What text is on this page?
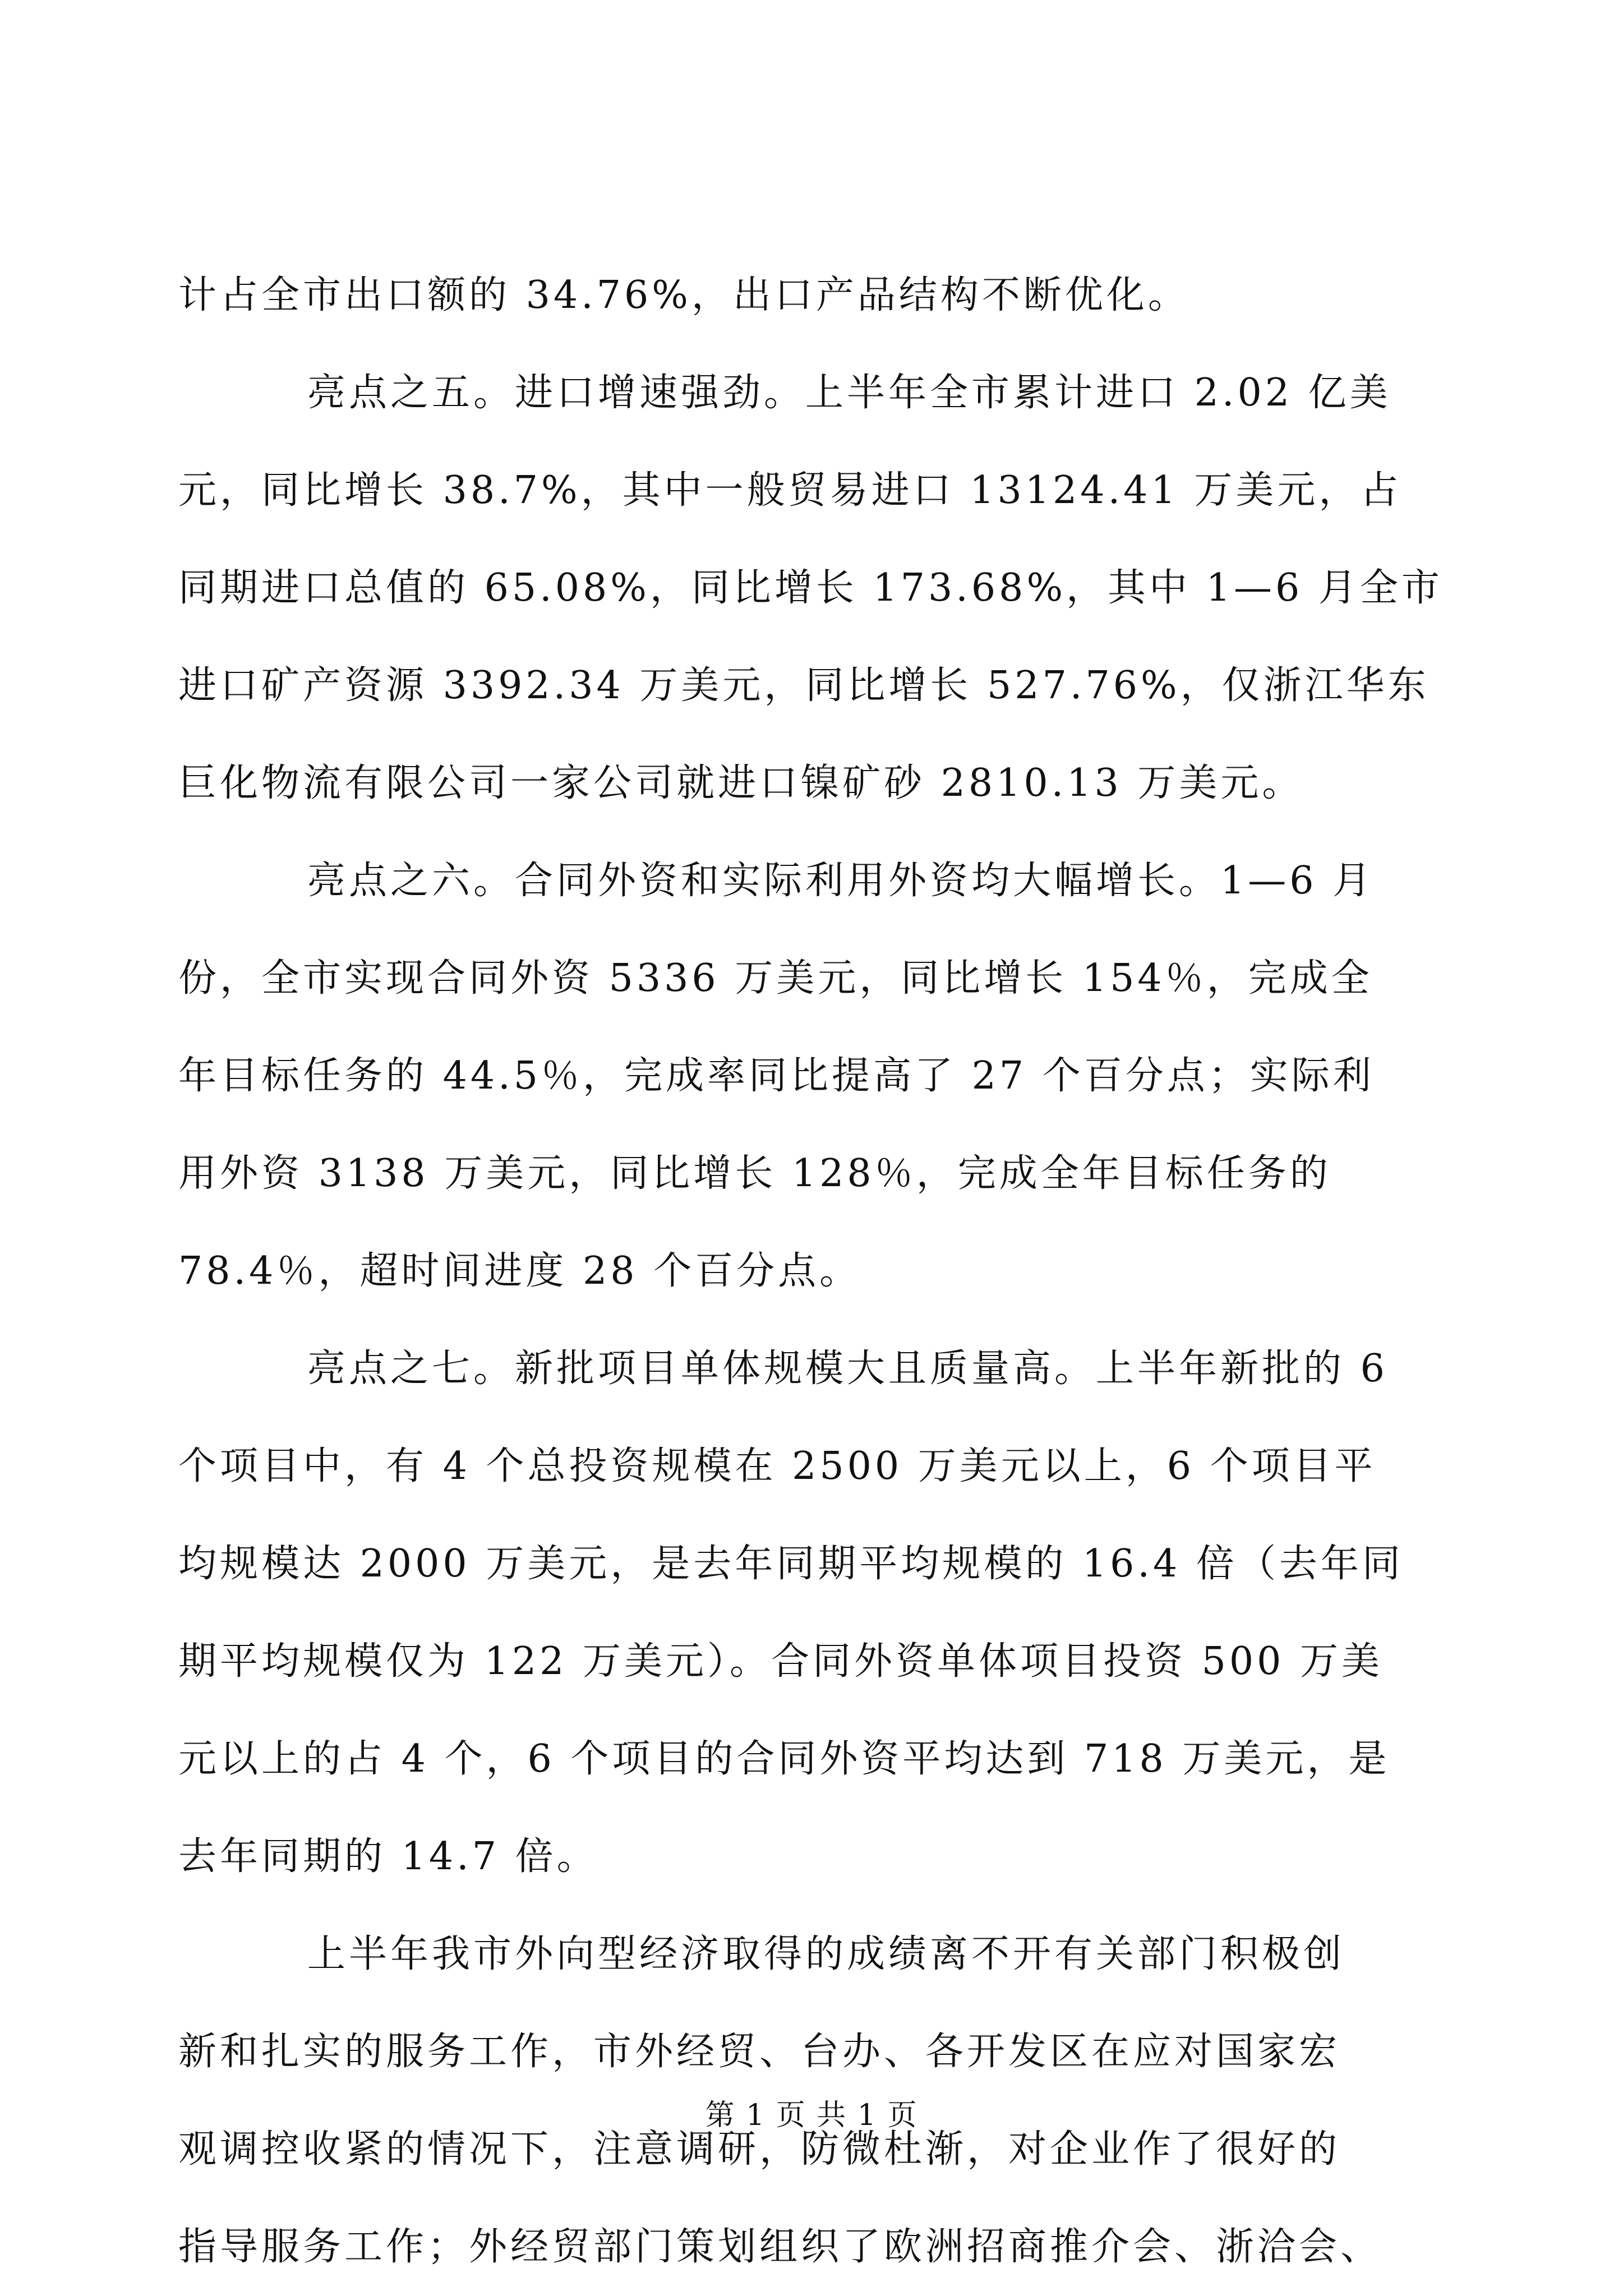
计占全市出口额的 34.76%，出口产品结构不断优化。
亮点之五。进口增速强劲。上半年全市累计进口 2.02 亿美
元，同比增长 38.7%，其中一般贸易进口 13124.41 万美元，占
同期进口总值的 65.08%，同比增长 173.68%，其中 1—6 月全市
进口矿产资源 3392.34 万美元，同比增长 527.76%，仅浙江华东
巨化物流有限公司一家公司就进口镍矿砂 2810.13 万美元。
亮点之六。合同外资和实际利用外资均大幅增长。1—6 月
份，全市实现合同外资 5336 万美元，同比增长 154％，完成全
年目标任务的 44.5％，完成率同比提高了 27 个百分点；实际利
用外资 3138 万美元，同比增长 128％，完成全年目标任务的
78.4％，超时间进度 28 个百分点。
亮点之七。新批项目单体规模大且质量高。上半年新批的 6
个项目中，有 4 个总投资规模在 2500 万美元以上，6 个项目平
均规模达 2000 万美元，是去年同期平均规模的 16.4 倍（去年同
期平均规模仅为 122 万美元）。合同外资单体项目投资 500 万美
元以上的占 4 个，6 个项目的合同外资平均达到 718 万美元，是
去年同期的 14.7 倍。
上半年我市外向型经济取得的成绩离不开有关部门积极创
新和扎实的服务工作，市外经贸、台办、各开发区在应对国家宏
观调控收紧的情况下，注意调研，防微杜渐，对企业作了很好的
指导服务工作；外经贸部门策划组织了欧洲招商推介会、浙洽会、
第 1 页 共 1 页
